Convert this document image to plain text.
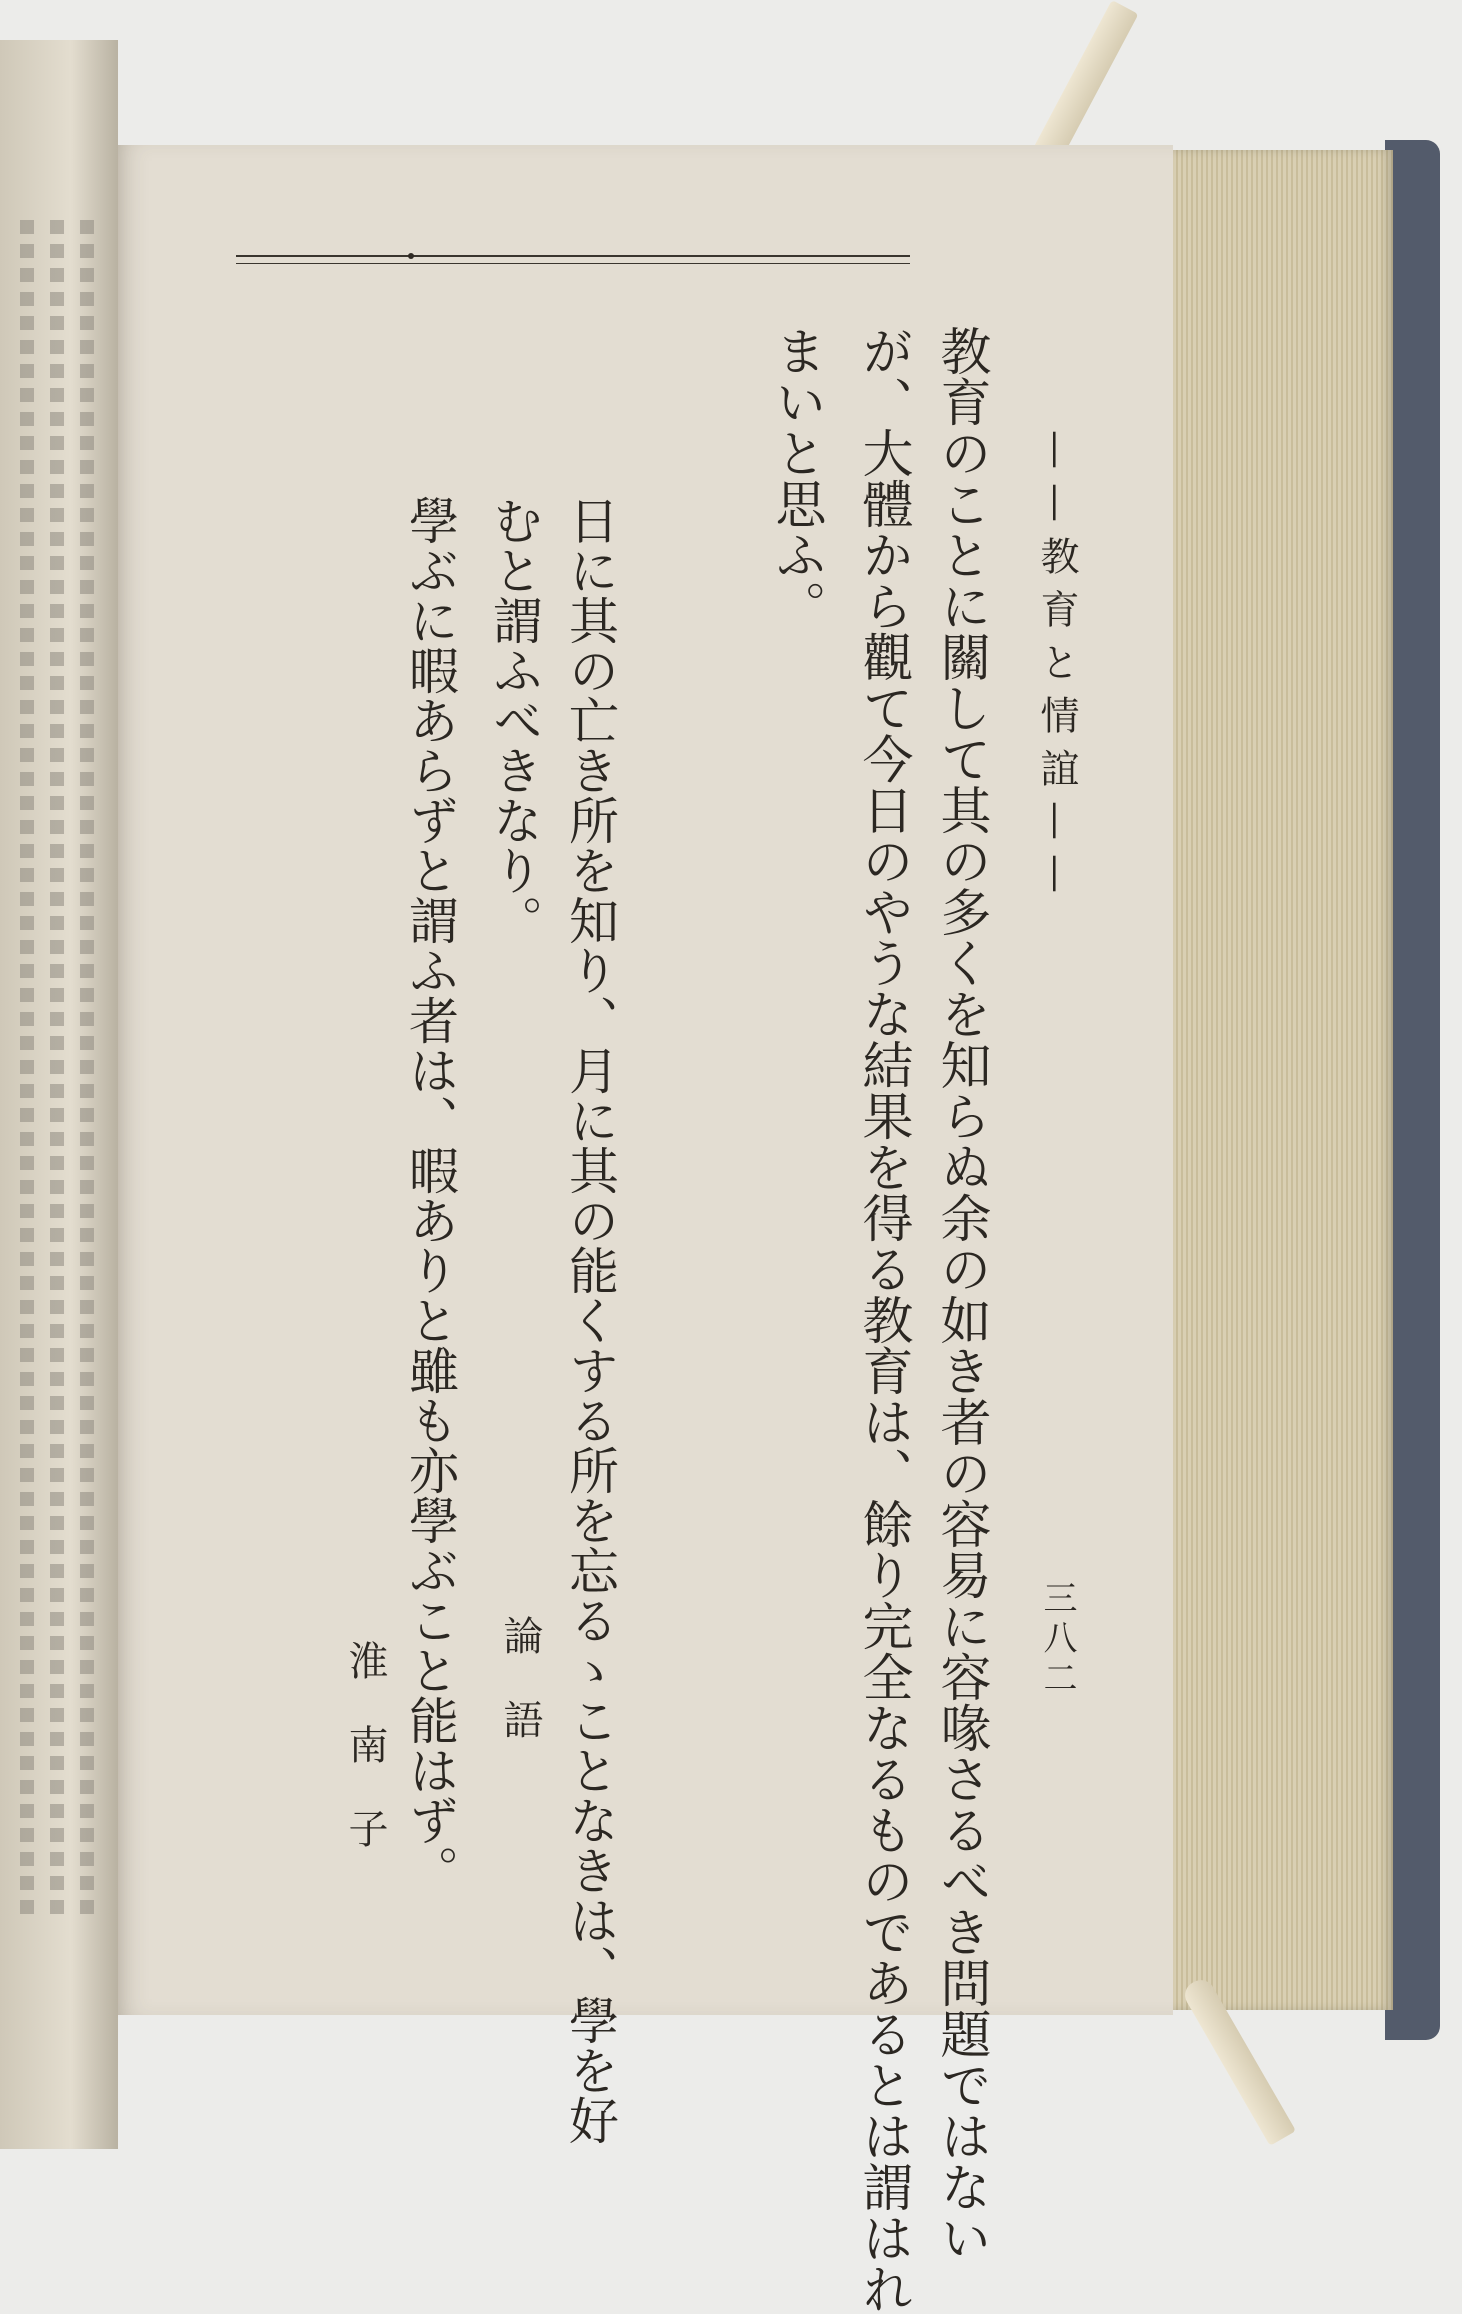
——教育と情誼——
三八二
教育のことに關して其の多くを知らぬ余の如き者の容易に容喙さるべき問題ではない
が、大體から觀て今日のやうな結果を得る教育は、餘り完全なるものであるとは謂はれ
まいと思ふ。
日に其の亡き所を知り、月に其の能くする所を忘るゝことなきは、學を好
むと謂ふべきなり。
論語
學ぶに暇あらずと謂ふ者は、暇ありと雖も亦學ぶこと能はず。
淮南子
